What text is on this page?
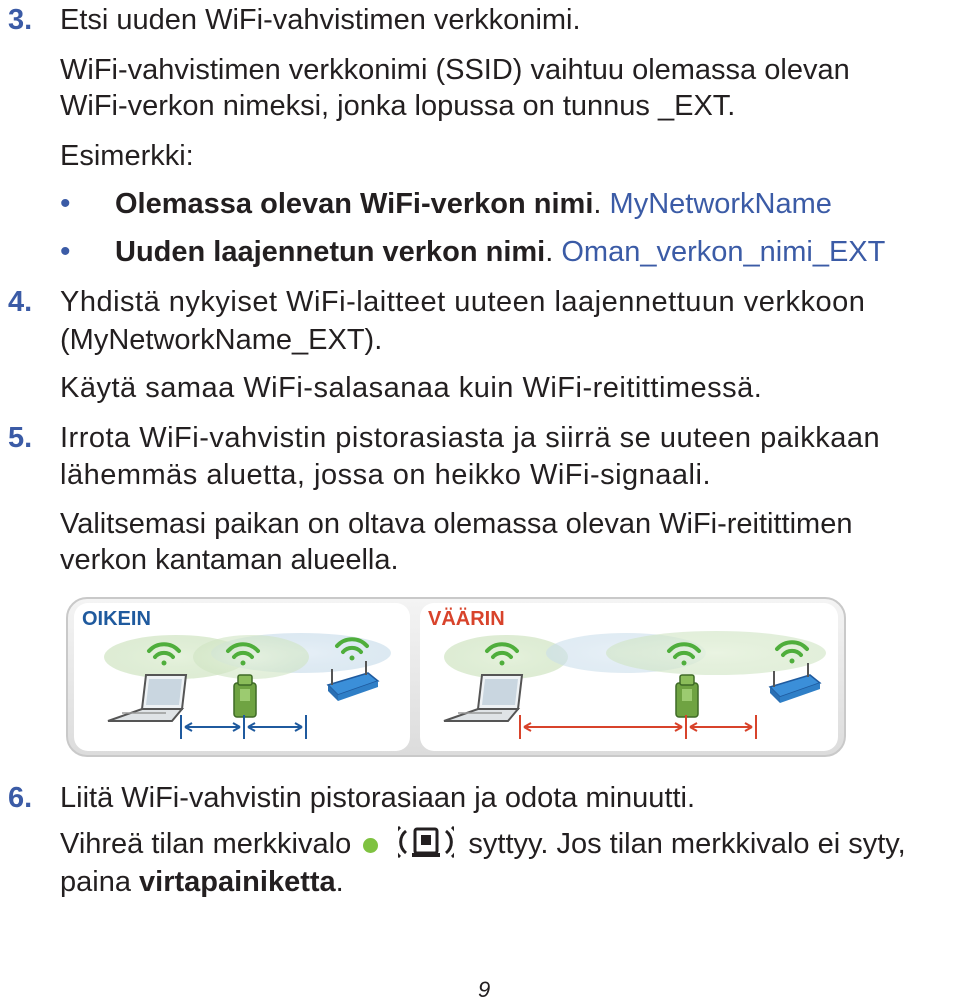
3. Etsi uuden WiFi-vahvistimen verkkonimi.
WiFi-vahvistimen verkkonimi (SSID) vaihtuu olemassa olevan
WiFi-verkon nimeksi, jonka lopussa on tunnus _EXT.
Esimerkki:
• Olemassa olevan WiFi-verkon nimi. MyNetworkName
• Uuden laajennetun verkon nimi. Oman_verkon_nimi_EXT
4. Yhdistä nykyiset WiFi-laitteet uuteen laajennettuun verkkoon
(MyNetworkName_EXT).
Käytä samaa WiFi-salasanaa kuin WiFi-reitittimessä.
5. Irrota WiFi-vahvistin pistorasiasta ja siirrä se uuteen paikkaan
lähemmäs aluetta, jossa on heikko WiFi-signaali.
Valitsemasi paikan on oltava olemassa olevan WiFi-reitittimen
verkon kantaman alueella.
OIKEIN	VÄÄRIN
6. Liitä WiFi-vahvistin pistorasiaan ja odota minuutti.
Vihreä tilan merkkivalo	syttyy. Jos tilan merkkivalo ei syty,
paina virtapainiketta.
9
